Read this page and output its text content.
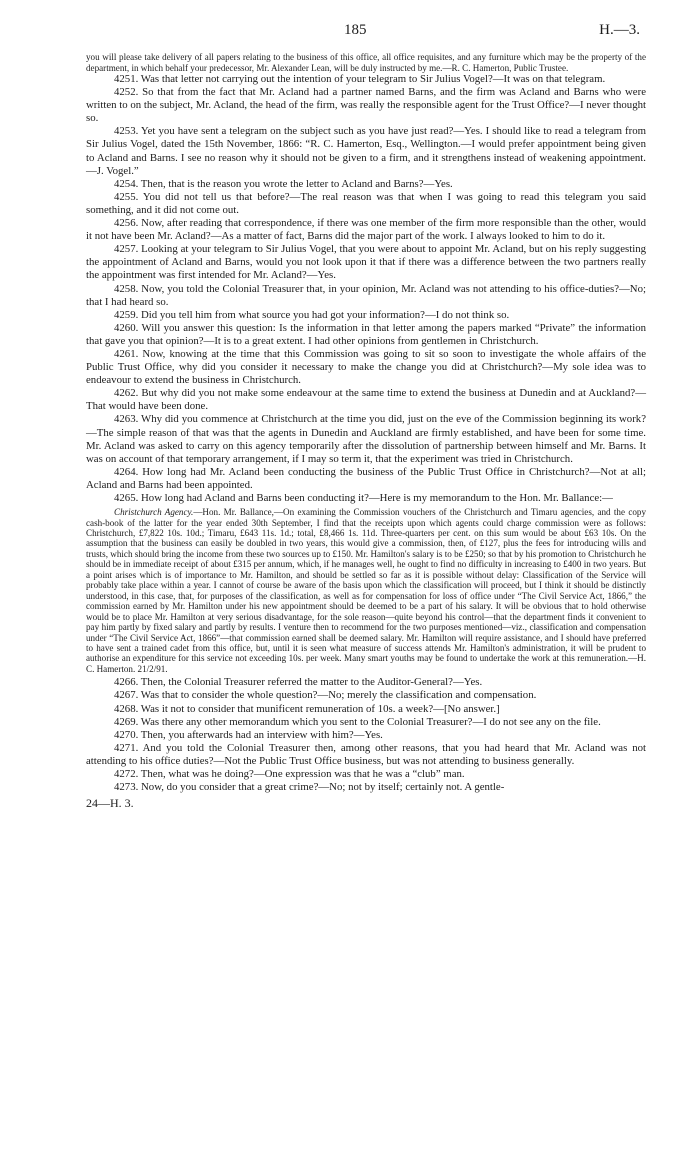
185	H.—3.

you will please take delivery of all papers relating to the business of this office, all office requisites, and any furniture which may be the property of the department, in which behalf your predecessor, Mr. Alexander Lean, will be duly instructed by me.—R. C. Hamerton, Public Trustee.

4251. Was that letter not carrying out the intention of your telegram to Sir Julius Vogel?—It was on that telegram.

4252. So that from the fact that Mr. Acland had a partner named Barns, and the firm was Acland and Barns who were written to on the subject, Mr. Acland, the head of the firm, was really the responsible agent for the Trust Office?—I never thought so.

4253. Yet you have sent a telegram on the subject such as you have just read?—Yes. I should like to read a telegram from Sir Julius Vogel, dated the 15th November, 1866: “R. C. Hamerton, Esq., Wellington.—I would prefer appointment being given to Acland and Barns. I see no reason why it should not be given to a firm, and it strengthens instead of weakening appointment.—J. Vogel.”

4254. Then, that is the reason you wrote the letter to Acland and Barns?—Yes.

4255. You did not tell us that before?—The real reason was that when I was going to read this telegram you said something, and it did not come out.

4256. Now, after reading that correspondence, if there was one member of the firm more responsible than the other, would it not have been Mr. Acland?—As a matter of fact, Barns did the major part of the work. I always looked to him to do it.

4257. Looking at your telegram to Sir Julius Vogel, that you were about to appoint Mr. Acland, but on his reply suggesting the appointment of Acland and Barns, would you not look upon it that if there was a difference between the two partners really the appointment was first intended for Mr. Acland?—Yes.

4258. Now, you told the Colonial Treasurer that, in your opinion, Mr. Acland was not attending to his office-duties?—No; that I had heard so.

4259. Did you tell him from what source you had got your information?—I do not think so.

4260. Will you answer this question: Is the information in that letter among the papers marked “Private” the information that gave you that opinion?—It is to a great extent. I had other opinions from gentlemen in Christchurch.

4261. Now, knowing at the time that this Commission was going to sit so soon to investigate the whole affairs of the Public Trust Office, why did you consider it necessary to make the change you did at Christchurch?—My sole idea was to endeavour to extend the business in Christchurch.

4262. But why did you not make some endeavour at the same time to extend the business at Dunedin and at Auckland?—That would have been done.

4263. Why did you commence at Christchurch at the time you did, just on the eve of the Commission beginning its work?—The simple reason of that was that the agents in Dunedin and Auckland are firmly established, and have been for some time. Mr. Acland was asked to carry on this agency temporarily after the dissolution of partnership between himself and Mr. Barns. It was on account of that temporary arrangement, if I may so term it, that the experiment was tried in Christchurch.

4264. How long had Mr. Acland been conducting the business of the Public Trust Office in Christchurch?—Not at all; Acland and Barns had been appointed.

4265. How long had Acland and Barns been conducting it?—Here is my memorandum to the Hon. Mr. Ballance:—

Christchurch Agency.—Hon. Mr. Ballance,—On examining the Commission vouchers of the Christchurch and Timaru agencies, and the copy cash-book of the latter for the year ended 30th September, I find that the receipts upon which agents could charge commission were as follows: Christchurch, £7,822 10s. 10d.; Timaru, £643 11s. 1d.; total, £8,466 1s. 11d. Three-quarters per cent. on this sum would be about £63 10s. On the assumption that the business can easily be doubled in two years, this would give a commission, then, of £127, plus the fees for introducing wills and trusts, which should bring the income from these two sources up to £150. Mr. Hamilton's salary is to be £250; so that by his promotion to Christchurch he should be in immediate receipt of about £315 per annum, which, if he manages well, he ought to find no difficulty in increasing to £400 in two years. But a point arises which is of importance to Mr. Hamilton, and should be settled so far as it is possible without delay: Classification of the Service will probably take place within a year. I cannot of course be aware of the basis upon which the classification will proceed, but I think it should be distinctly understood, in this case, that, for purposes of the classification, as well as for compensation for loss of office under “The Civil Service Act, 1866,” the commission earned by Mr. Hamilton under his new appointment should be deemed to be a part of his salary. It will be obvious that to hold otherwise would be to place Mr. Hamilton at very serious disadvantage, for the sole reason—quite beyond his control—that the department finds it convenient to pay him partly by fixed salary and partly by results. I venture then to recommend for the two purposes mentioned—viz., classification and compensation under “The Civil Service Act, 1866”—that commission earned shall be deemed salary. Mr. Hamilton will require assistance, and I should have preferred to have sent a trained cadet from this office, but, until it is seen what measure of success attends Mr. Hamilton's administration, it will be prudent to authorise an expenditure for this service not exceeding 10s. per week. Many smart youths may be found to undertake the work at this remuneration.—H. C. Hamerton. 21/2/91.

4266. Then, the Colonial Treasurer referred the matter to the Auditor-General?—Yes.

4267. Was that to consider the whole question?—No; merely the classification and compensation.

4268. Was it not to consider that munificent remuneration of 10s. a week?—[No answer.]

4269. Was there any other memorandum which you sent to the Colonial Treasurer?—I do not see any on the file.

4270. Then, you afterwards had an interview with him?—Yes.

4271. And you told the Colonial Treasurer then, among other reasons, that you had heard that Mr. Acland was not attending to his office duties?—Not the Public Trust Office business, but was not attending to business generally.

4272. Then, what was he doing?—One expression was that he was a “club” man.

4273. Now, do you consider that a great crime?—No; not by itself; certainly not. A gentle-

24—H. 3.
